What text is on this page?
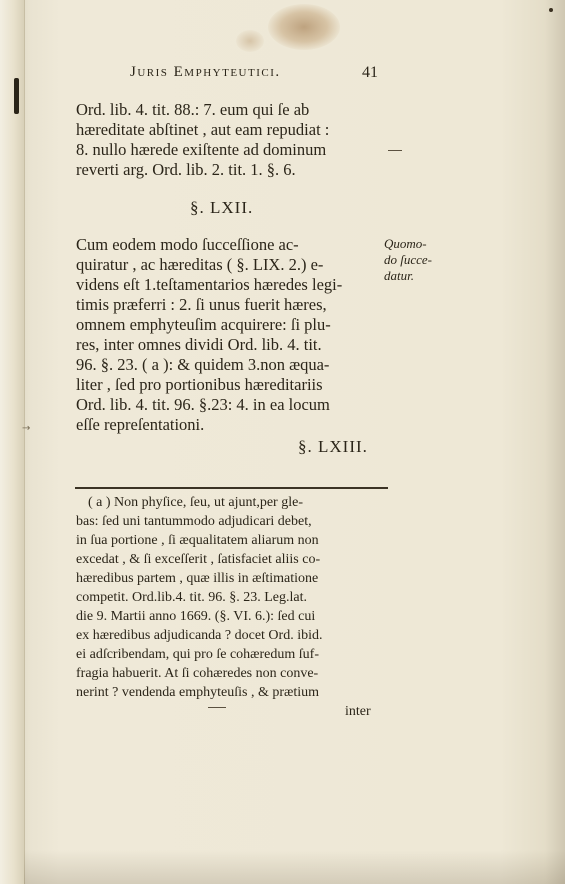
Juris Emphyteutici.	41

Ord. lib. 4. tit. 88.: 7. eum qui ſe ab

hæreditate abſtinet , aut eam repudiat :

8. nullo hærede exiſtente ad dominum

reverti arg. Ord. lib. 2. tit. 1. §. 6.

§. LXII.

Cum eodem modo ſucceſſione ac-

quiratur , ac hæreditas ( §. LIX. 2.) e-

videns eſt 1.teſtamentarios hæredes legi-

timis præferri : 2. ſi unus fuerit hæres,

omnem emphyteuſim acquirere: ſi plu-

res, inter omnes dividi Ord. lib. 4. tit.

96. §. 23. ( a ): & quidem 3.non æqua-

liter , ſed pro portionibus hæreditariis

Ord. lib. 4. tit. 96. §.23: 4. in ea locum

eſſe repreſentationi.

Quomo-

do ſucce-

datur.

→

§. LXIII.

( a ) Non phyſice, ſeu, ut ajunt,per gle-

bas: ſed uni tantummodo adjudicari debet,

in ſua portione , ſi æqualitatem aliarum non

excedat , & ſi exceſſerit , ſatisfaciet aliis co-

hæredibus partem , quæ illis in æſtimatione

competit. Ord.lib.4. tit. 96. §. 23. Leg.lat.

die 9. Martii anno 1669. (§. VI. 6.): ſed cui

ex hæredibus adjudicanda ? docet Ord. ibid.

ei adſcribendam, qui pro ſe cohæredum ſuf-

fragia habuerit. At ſi cohæredes non conve-

nerint ? vendenda emphyteuſis , & prætium

inter
